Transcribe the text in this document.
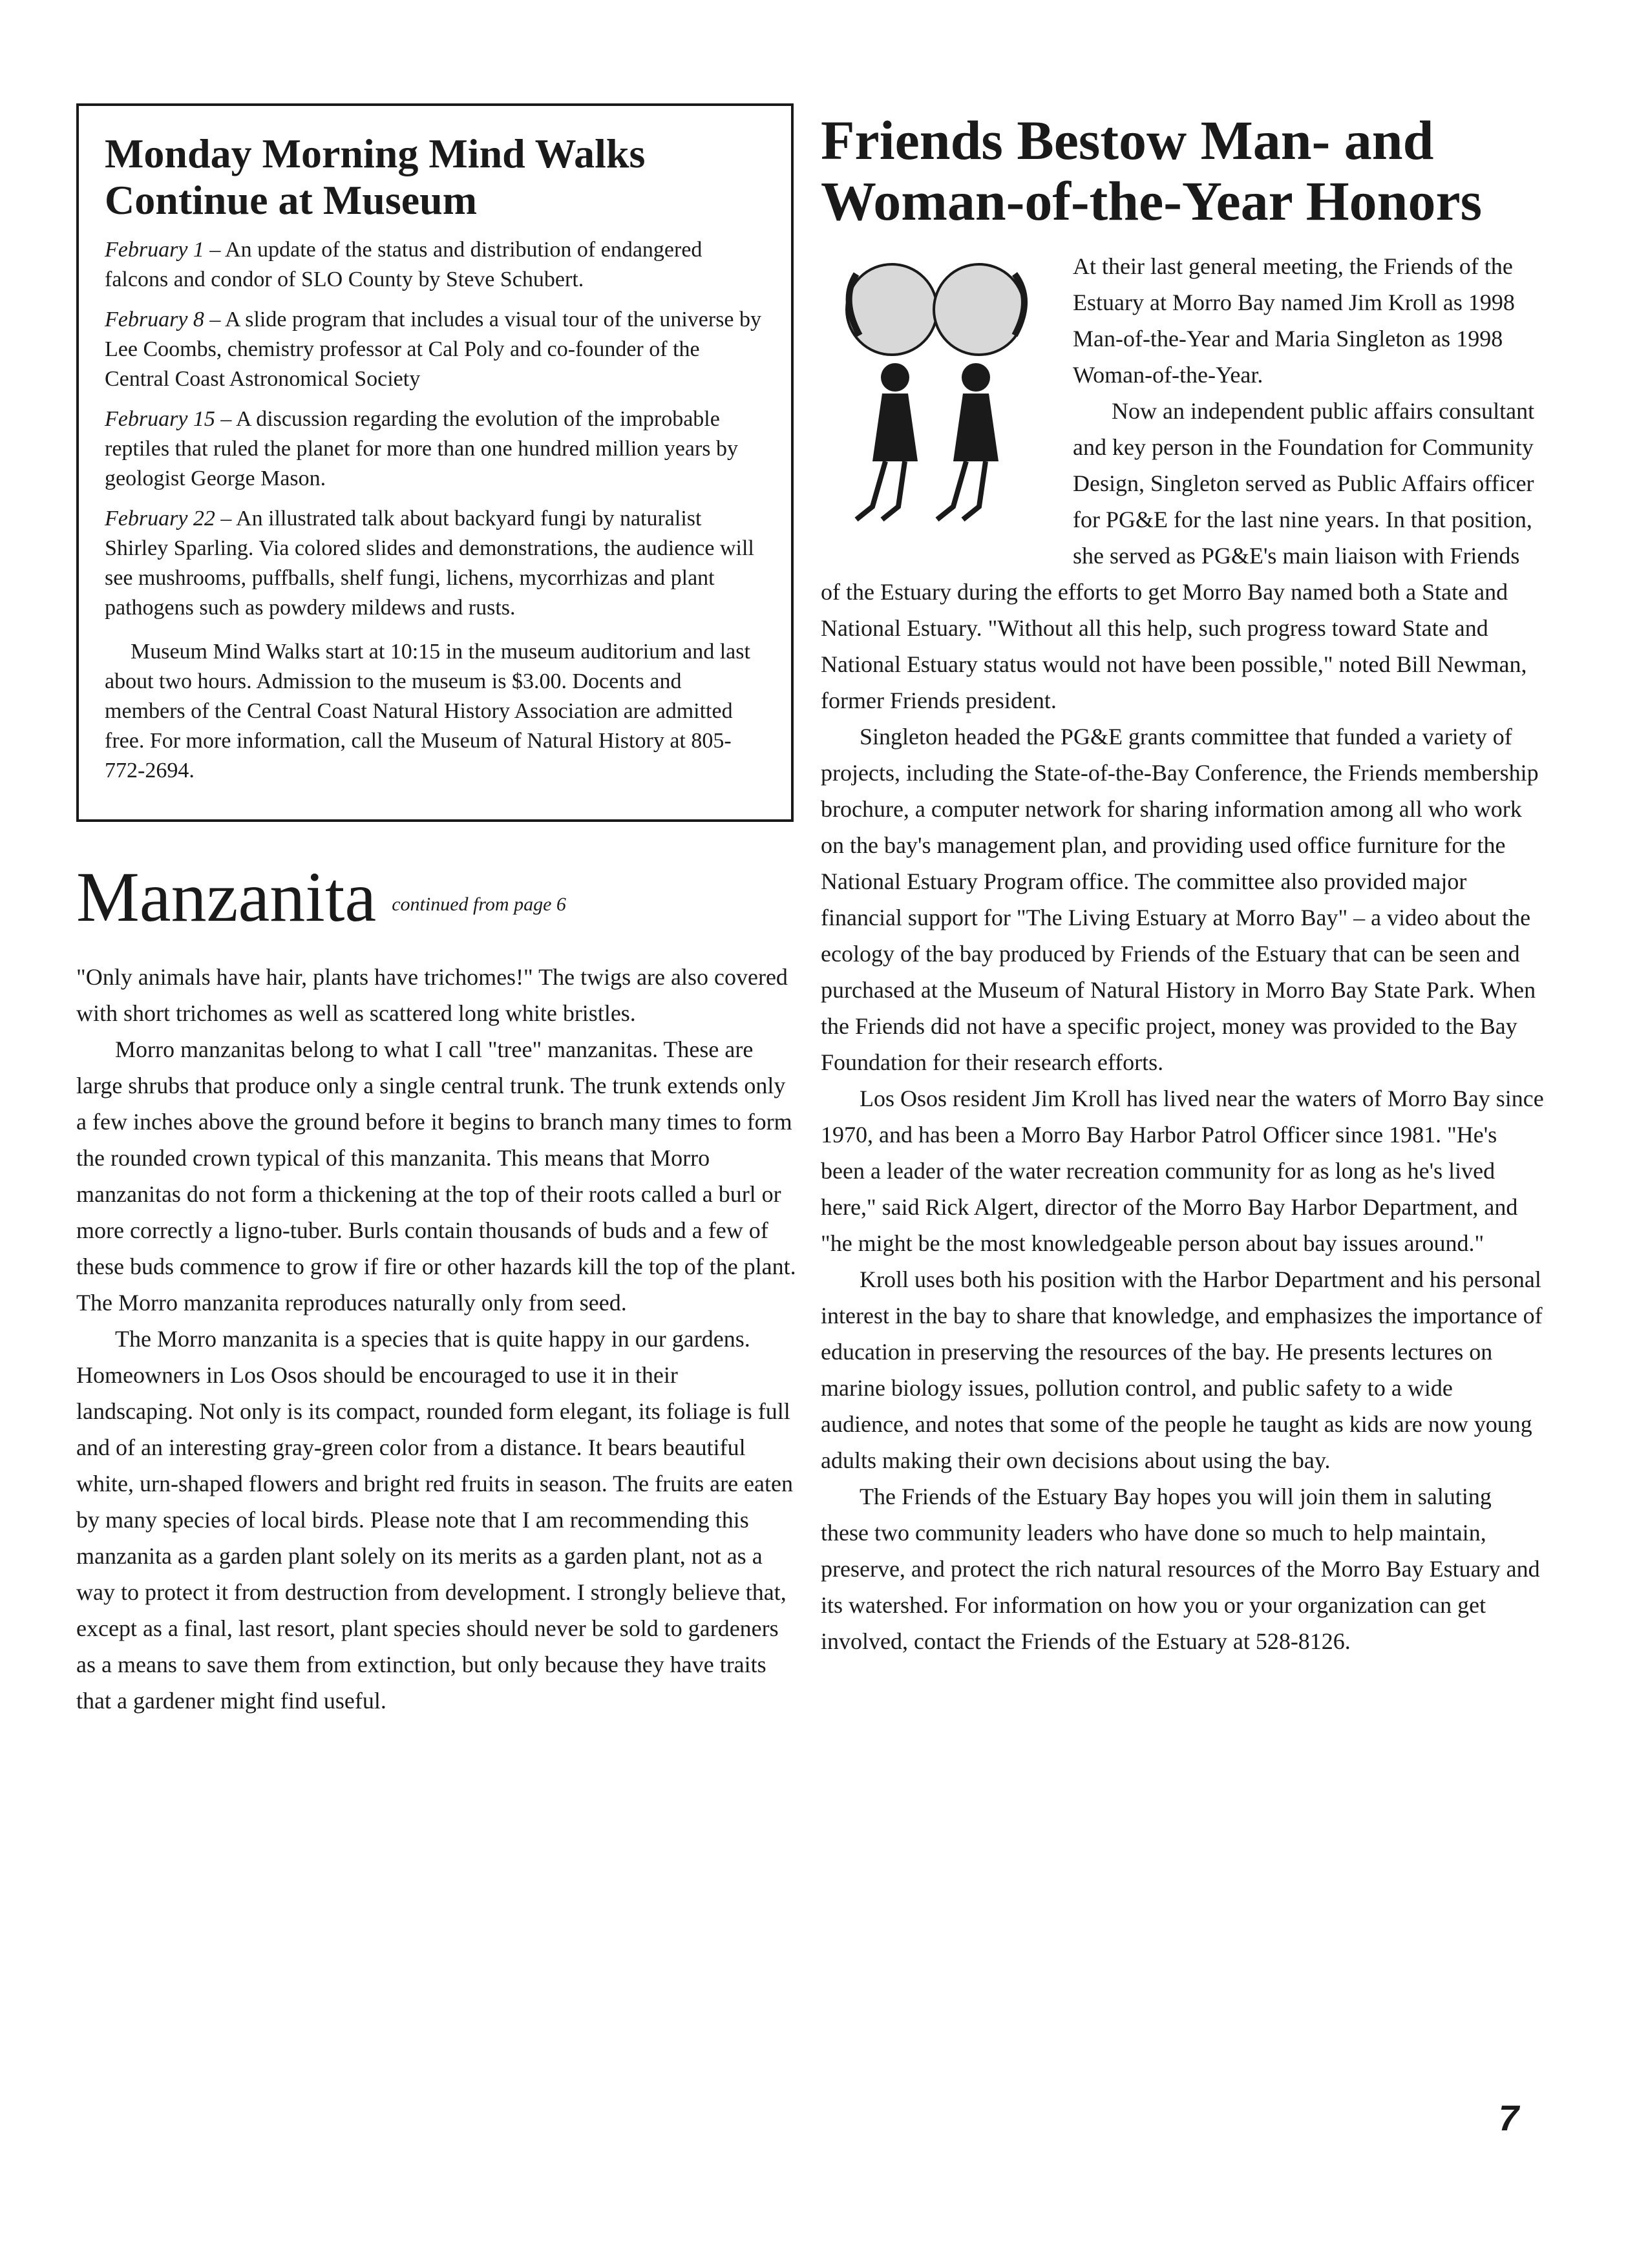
Monday Morning Mind Walks Continue at Museum

February 1 – An update of the status and distribution of endangered falcons and condor of SLO County by Steve Schubert.

February 8 – A slide program that includes a visual tour of the universe by Lee Coombs, chemistry professor at Cal Poly and co-founder of the Central Coast Astronomical Society

February 15 – A discussion regarding the evolution of the improbable reptiles that ruled the planet for more than one hundred million years by geologist George Mason.

February 22 – An illustrated talk about backyard fungi by naturalist Shirley Sparling. Via colored slides and demonstrations, the audience will see mushrooms, puffballs, shelf fungi, lichens, mycorrhizas and plant pathogens such as powdery mildews and rusts.

Museum Mind Walks start at 10:15 in the museum auditorium and last about two hours. Admission to the museum is $3.00. Docents and members of the Central Coast Natural History Association are admitted free. For more information, call the Museum of Natural History at 805-772-2694.

Manzanita continued from page 6

"Only animals have hair, plants have trichomes!" The twigs are also covered with short trichomes as well as scattered long white bristles.

Morro manzanitas belong to what I call "tree" manzanitas. These are large shrubs that produce only a single central trunk. The trunk extends only a few inches above the ground before it begins to branch many times to form the rounded crown typical of this manzanita. This means that Morro manzanitas do not form a thickening at the top of their roots called a burl or more correctly a ligno-tuber. Burls contain thousands of buds and a few of these buds commence to grow if fire or other hazards kill the top of the plant. The Morro manzanita reproduces naturally only from seed.

The Morro manzanita is a species that is quite happy in our gardens. Homeowners in Los Osos should be encouraged to use it in their landscaping. Not only is its compact, rounded form elegant, its foliage is full and of an interesting gray-green color from a distance. It bears beautiful white, urn-shaped flowers and bright red fruits in season. The fruits are eaten by many species of local birds. Please note that I am recommending this manzanita as a garden plant solely on its merits as a garden plant, not as a way to protect it from destruction from development. I strongly believe that, except as a final, last resort, plant species should never be sold to gardeners as a means to save them from extinction, but only because they have traits that a gardener might find useful.

Friends Bestow Man- and Woman-of-the-Year Honors

At their last general meeting, the Friends of the Estuary at Morro Bay named Jim Kroll as 1998 Man-of-the-Year and Maria Singleton as 1998 Woman-of-the-Year.

Now an independent public affairs consultant and key person in the Foundation for Community Design, Singleton served as Public Affairs officer for PG&E for the last nine years. In that position, she served as PG&E's main liaison with Friends of the Estuary during the efforts to get Morro Bay named both a State and National Estuary. "Without all this help, such progress toward State and National Estuary status would not have been possible," noted Bill Newman, former Friends president.

Singleton headed the PG&E grants committee that funded a variety of projects, including the State-of-the-Bay Conference, the Friends membership brochure, a computer network for sharing information among all who work on the bay's management plan, and providing used office furniture for the National Estuary Program office. The committee also provided major financial support for "The Living Estuary at Morro Bay" – a video about the ecology of the bay produced by Friends of the Estuary that can be seen and purchased at the Museum of Natural History in Morro Bay State Park. When the Friends did not have a specific project, money was provided to the Bay Foundation for their research efforts.

Los Osos resident Jim Kroll has lived near the waters of Morro Bay since 1970, and has been a Morro Bay Harbor Patrol Officer since 1981. "He's been a leader of the water recreation community for as long as he's lived here," said Rick Algert, director of the Morro Bay Harbor Department, and "he might be the most knowledgeable person about bay issues around."

Kroll uses both his position with the Harbor Department and his personal interest in the bay to share that knowledge, and emphasizes the importance of education in preserving the resources of the bay. He presents lectures on marine biology issues, pollution control, and public safety to a wide audience, and notes that some of the people he taught as kids are now young adults making their own decisions about using the bay.

The Friends of the Estuary Bay hopes you will join them in saluting these two community leaders who have done so much to help maintain, preserve, and protect the rich natural resources of the Morro Bay Estuary and its watershed. For information on how you or your organization can get involved, contact the Friends of the Estuary at 528-8126.

7
